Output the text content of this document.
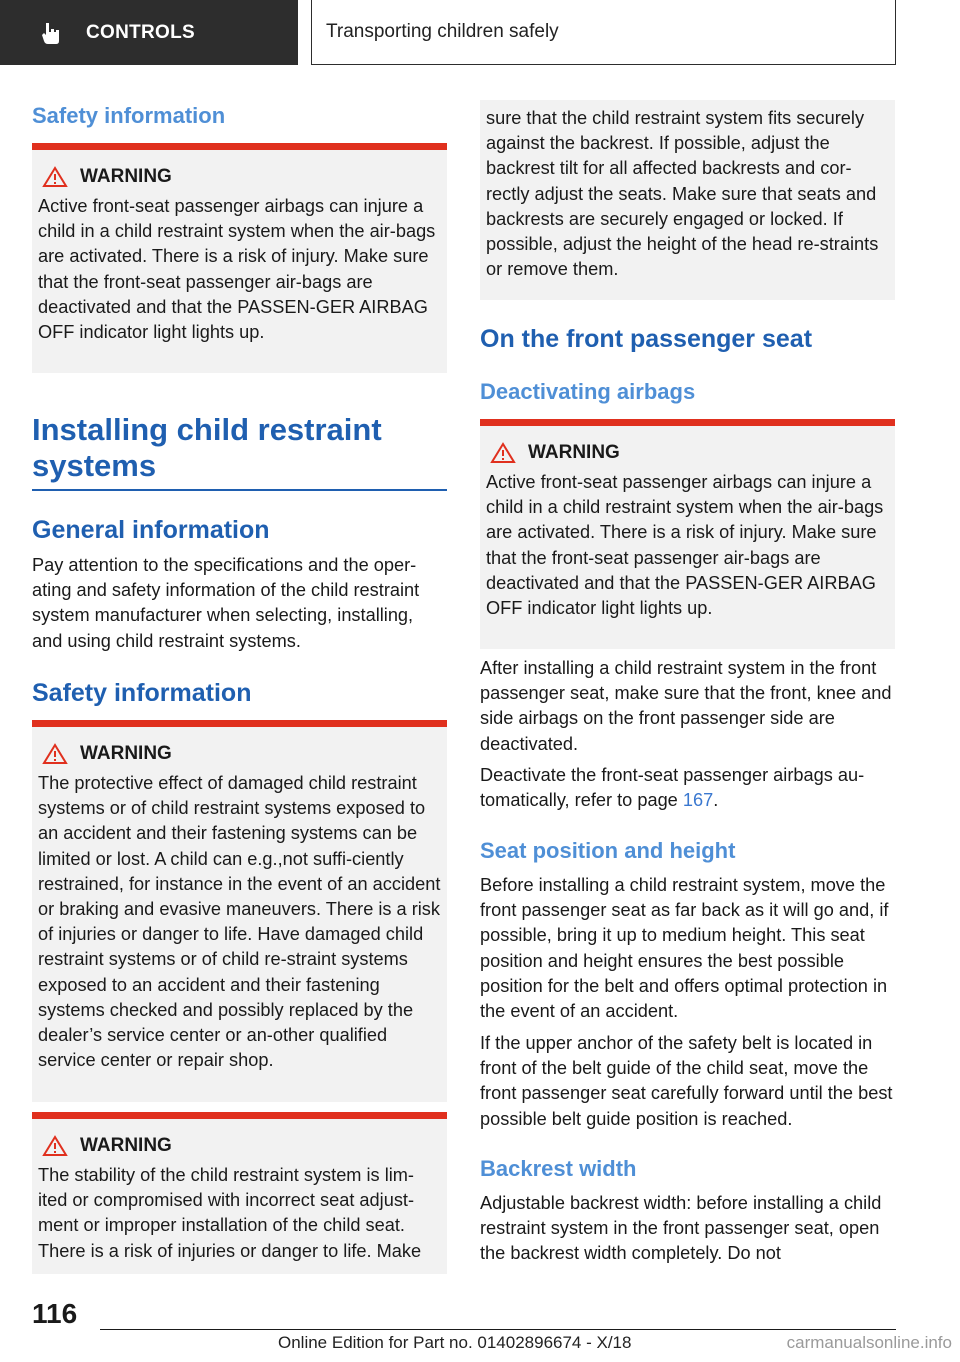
CONTROLS	Transporting children safely
Safety information
WARNING
Active front-seat passenger airbags can injure a child in a child restraint system when the air-bags are activated. There is a risk of injury. Make sure that the front-seat passenger air-bags are deactivated and that the PASSEN-GER AIRBAG OFF indicator light lights up.
Installing child restraint systems
General information

Pay attention to the specifications and the oper-ating and safety information of the child restraint system manufacturer when selecting, installing, and using child restraint systems.

Safety information
WARNING
The protective effect of damaged child restraint systems or of child restraint systems exposed to an accident and their fastening systems can be limited or lost. A child can e.g.,not suffi-ciently restrained, for instance in the event of an accident or braking and evasive maneuvers. There is a risk of injuries or danger to life. Have damaged child restraint systems or of child re-straint systems exposed to an accident and their fastening systems checked and possibly replaced by the dealer’s service center or an-other qualified service center or repair shop.
WARNING
The stability of the child restraint system is lim-ited or compromised with incorrect seat adjust-ment or improper installation of the child seat. There is a risk of injuries or danger to life. Make
sure that the child restraint system fits securely against the backrest. If possible, adjust the backrest tilt for all affected backrests and cor-rectly adjust the seats. Make sure that seats and backrests are securely engaged or locked. If possible, adjust the height of the head re-straints or remove them.
On the front passenger seat
Deactivating airbags
WARNING
Active front-seat passenger airbags can injure a child in a child restraint system when the air-bags are activated. There is a risk of injury. Make sure that the front-seat passenger air-bags are deactivated and that the PASSEN-GER AIRBAG OFF indicator light lights up.

After installing a child restraint system in the front passenger seat, make sure that the front, knee and side airbags on the front passenger side are deactivated.

Deactivate the front-seat passenger airbags au-tomatically, refer to page 167.

Seat position and height

Before installing a child restraint system, move the front passenger seat as far back as it will go and, if possible, bring it up to medium height. This seat position and height ensures the best possible position for the belt and offers optimal protection in the event of an accident.

If the upper anchor of the safety belt is located in front of the belt guide of the child seat, move the front passenger seat carefully forward until the best possible belt guide position is reached.

Backrest width

Adjustable backrest width: before installing a child restraint system in the front passenger seat, open the backrest width completely. Do not

116
Online Edition for Part no. 01402896674 - X/18	carmanualsonline.info
